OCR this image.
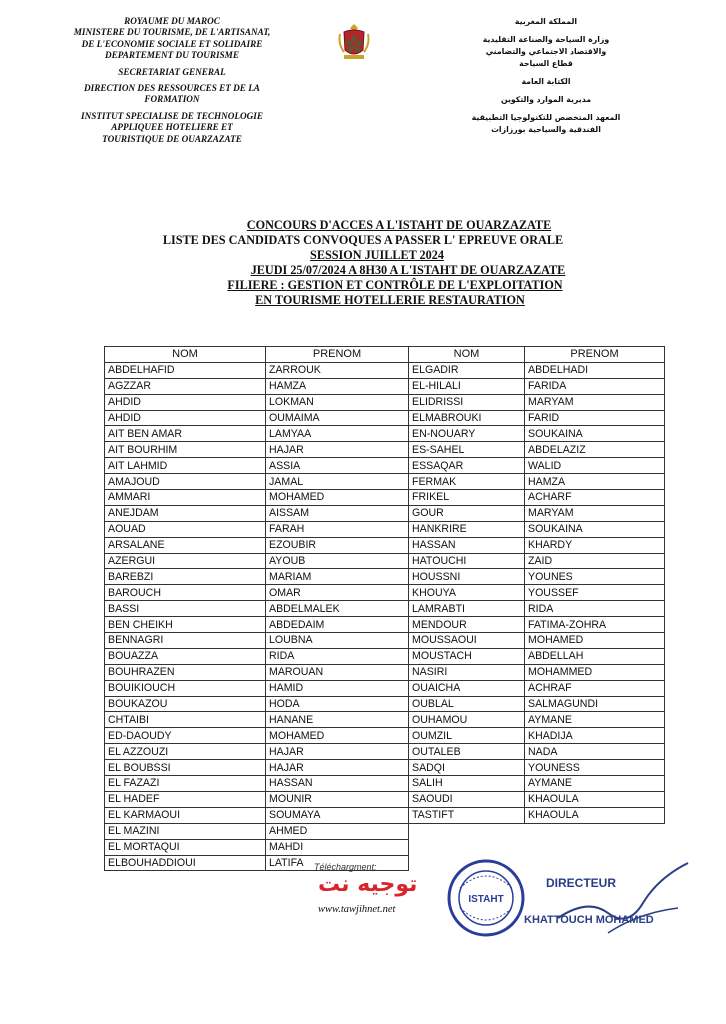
ROYAUME DU MAROC
MINISTERE DU TOURISME, DE L'ARTISANAT,
DE L'ECONOMIE SOCIALE ET SOLIDAIRE
DEPARTEMENT DU TOURISME
SECRETARIAT GENERAL
DIRECTION DES RESSOURCES ET DE LA FORMATION
INSTITUT SPECIALISE DE TECHNOLOGIE
APPLIQUEE HOTELIERE ET
TOURISTIQUE DE OUARZAZATE
المملكة المغربية
وزارة السياحة والصناعة التقليدية
والاقتصاد الاجتماعي والتضامني
قطاع السياحة
الكتابة العامة
مديرية الموارد والتكوين
المعهد المتخصص للتكنولوجيا التطبيقية
الفندقية والسياحية بورزازات
CONCOURS D'ACCES A L'ISTAHT DE OUARZAZATE
LISTE DES CANDIDATS CONVOQUES A PASSER L' EPREUVE ORALE
SESSION JUILLET 2024
JEUDI 25/07/2024 A 8H30 A L'ISTAHT DE OUARZAZATE
FILIERE : GESTION ET CONTRÔLE DE L'EXPLOITATION
EN TOURISME HOTELLERIE RESTAURATION
NOM	PRENOM
ABDELHAFID	ZARROUK
AGZZAR	HAMZA
AHDID	LOKMAN
AHDID	OUMAIMA
AIT BEN AMAR	LAMYAA
AIT BOURHIM	HAJAR
AIT LAHMID	ASSIA
AMAJOUD	JAMAL
AMMARI	MOHAMED
ANEJDAM	AISSAM
AOUAD	FARAH
ARSALANE	EZOUBIR
AZERGUI	AYOUB
BAREBZI	MARIAM
BAROUCH	OMAR
BASSI	ABDELMALEK
BEN CHEIKH	ABDEDAIM
BENNAGRI	LOUBNA
BOUAZZA	RIDA
BOUHRAZEN	MAROUAN
BOUIKIOUCH	HAMID
BOUKAZOU	HODA
CHTAIBI	HANANE
ED-DAOUDY	MOHAMED
EL AZZOUZI	HAJAR
EL BOUBSSI	HAJAR
EL FAZAZI	HASSAN
EL HADEF	MOUNIR
EL KARMAOUI	SOUMAYA
EL MAZINI	AHMED
EL MORTAQUI	MAHDI
ELBOUHADDIOUI	LATIFA
NOM	PRENOM
ELGADIR	ABDELHADI
EL-HILALI	FARIDA
ELIDRISSI	MARYAM
ELMABROUKI	FARID
EN-NOUARY	SOUKAINA
ES-SAHEL	ABDELAZIZ
ESSAQAR	WALID
FERMAK	HAMZA
FRIKEL	ACHARF
GOUR	MARYAM
HANKRIRE	SOUKAINA
HASSAN	KHARDY
HATOUCHI	ZAID
HOUSSNI	YOUNES
KHOUYA	YOUSSEF
LAMRABTI	RIDA
MENDOUR	FATIMA-ZOHRA
MOUSSAOUI	MOHAMED
MOUSTACH	ABDELLAH
NASIRI	MOHAMMED
OUAICHA	ACHRAF
OUBLAL	SALMAGUNDI
OUHAMOU	AYMANE
OUMZIL	KHADIJA
OUTALEB	NADA
SADQI	YOUNESS
SALIH	AYMANE
SAOUDI	KHAOULA
TASTIFT	KHAOULA
Téléchargment:
توجيه نت
www.tawjihnet.net
ISTAHT
DIRECTEUR
KHATTOUCH MOHAMED
